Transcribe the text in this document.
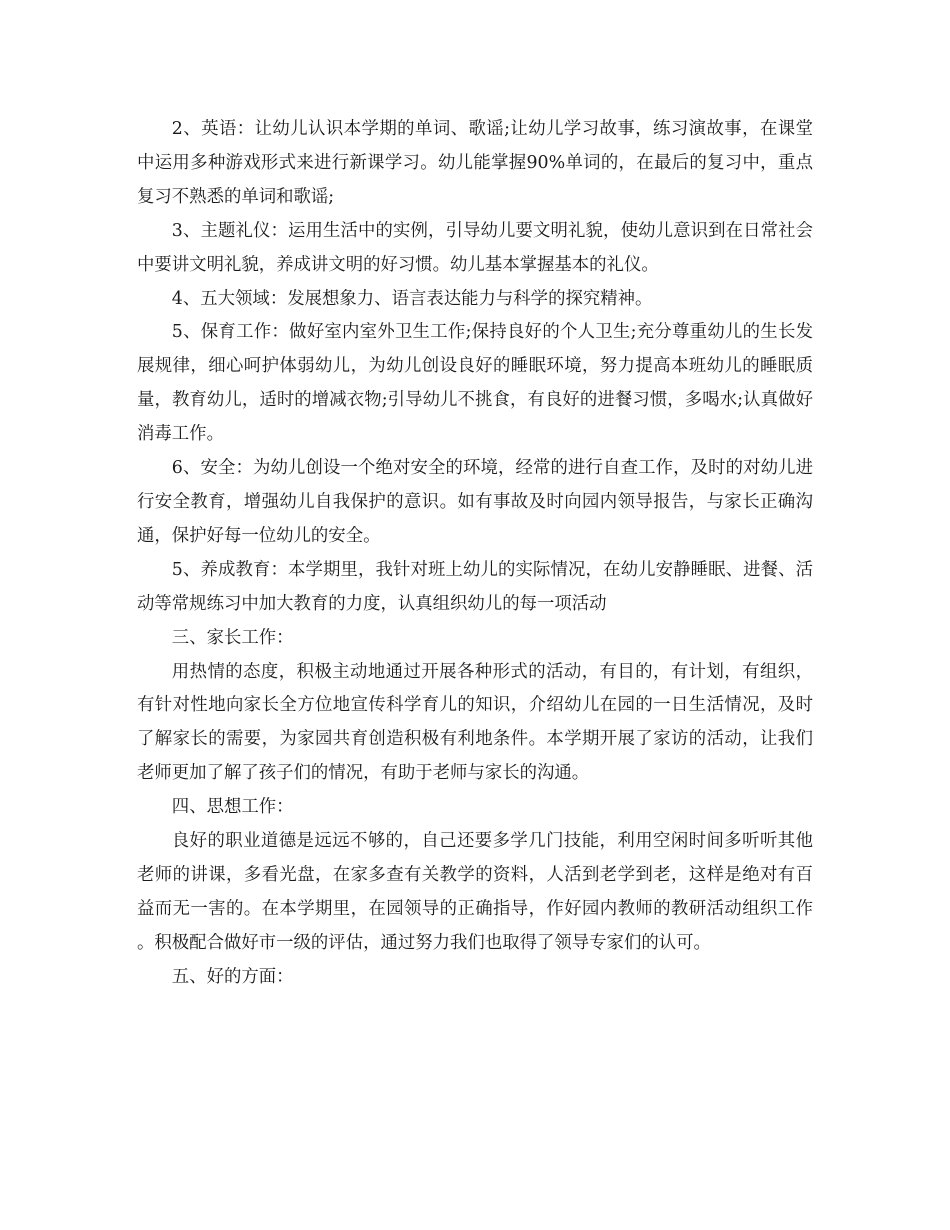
2、英语：让幼儿认识本学期的单词、歌谣;让幼儿学习故事，练习演故事，在课堂中运用多种游戏形式来进行新课学习。幼儿能掌握90%单词的，在最后的复习中，重点复习不熟悉的单词和歌谣;

3、主题礼仪：运用生活中的实例，引导幼儿要文明礼貌，使幼儿意识到在日常社会中要讲文明礼貌，养成讲文明的好习惯。幼儿基本掌握基本的礼仪。

4、五大领域：发展想象力、语言表达能力与科学的探究精神。

5、保育工作：做好室内室外卫生工作;保持良好的个人卫生;充分尊重幼儿的生长发展规律，细心呵护体弱幼儿，为幼儿创设良好的睡眠环境，努力提高本班幼儿的睡眠质量，教育幼儿，适时的增减衣物;引导幼儿不挑食，有良好的进餐习惯，多喝水;认真做好消毒工作。

6、安全：为幼儿创设一个绝对安全的环境，经常的进行自查工作，及时的对幼儿进行安全教育，增强幼儿自我保护的意识。如有事故及时向园内领导报告，与家长正确沟通，保护好每一位幼儿的安全。

5、养成教育：本学期里，我针对班上幼儿的实际情况，在幼儿安静睡眠、进餐、活动等常规练习中加大教育的力度，认真组织幼儿的每一项活动

三、家长工作：

用热情的态度，积极主动地通过开展各种形式的活动，有目的，有计划，有组织，有针对性地向家长全方位地宣传科学育儿的知识，介绍幼儿在园的一日生活情况，及时了解家长的需要，为家园共育创造积极有利地条件。本学期开展了家访的活动，让我们老师更加了解了孩子们的情况，有助于老师与家长的沟通。

四、思想工作：

良好的职业道德是远远不够的，自己还要多学几门技能，利用空闲时间多听听其他老师的讲课，多看光盘，在家多查有关教学的资料，人活到老学到老，这样是绝对有百益而无一害的。在本学期里，在园领导的正确指导，作好园内教师的教研活动组织工作。积极配合做好市一级的评估，通过努力我们也取得了领导专家们的认可。

五、好的方面：
